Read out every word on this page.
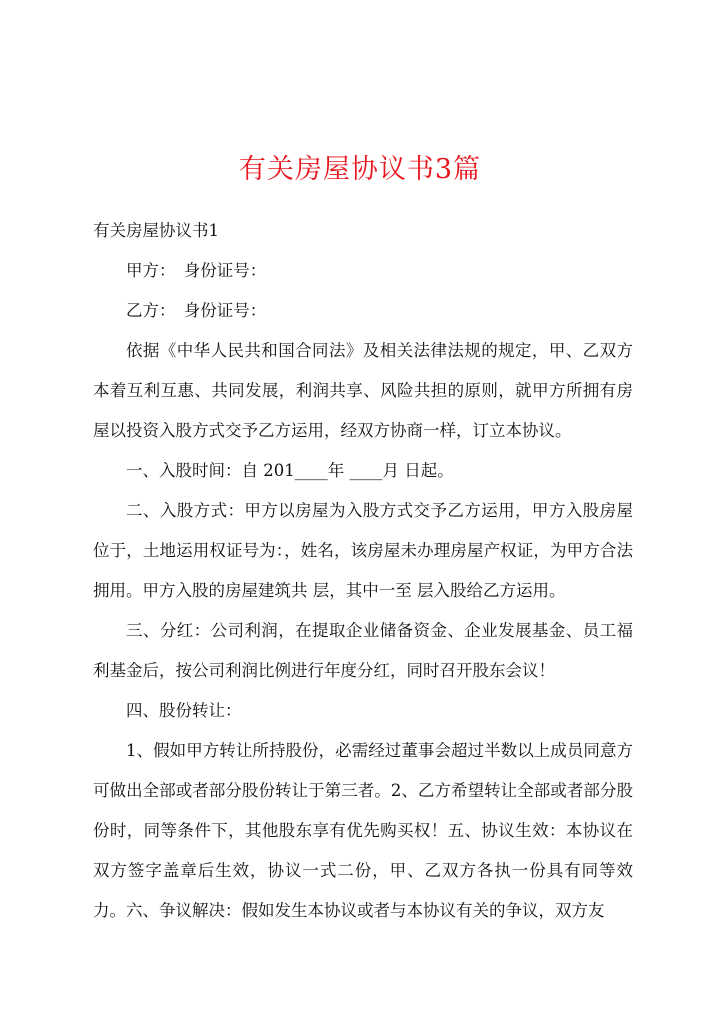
有关房屋协议书3篇

有关房屋协议书1

甲方：　身份证号：

乙方：　身份证号：

依据《中华人民共和国合同法》及相关法律法规的规定，甲、乙双方本着互利互惠、共同发展，利润共享、风险共担的原则，就甲方所拥有房屋以投资入股方式交予乙方运用，经双方协商一样，订立本协议。

一、入股时间：自 201____年 ____月 日起。

二、入股方式：甲方以房屋为入股方式交予乙方运用，甲方入股房屋位于，土地运用权证号为：，姓名，该房屋未办理房屋产权证，为甲方合法拥用。甲方入股的房屋建筑共 层，其中一至 层入股给乙方运用。

三、分红：公司利润，在提取企业储备资金、企业发展基金、员工福利基金后，按公司利润比例进行年度分红，同时召开股东会议！

四、股份转让：

1、假如甲方转让所持股份，必需经过董事会超过半数以上成员同意方可做出全部或者部分股份转让于第三者。2、乙方希望转让全部或者部分股份时，同等条件下，其他股东享有优先购买权！五、协议生效：本协议在双方签字盖章后生效，协议一式二份，甲、乙双方各执一份具有同等效力。六、争议解决：假如发生本协议或者与本协议有关的争议，双方友
